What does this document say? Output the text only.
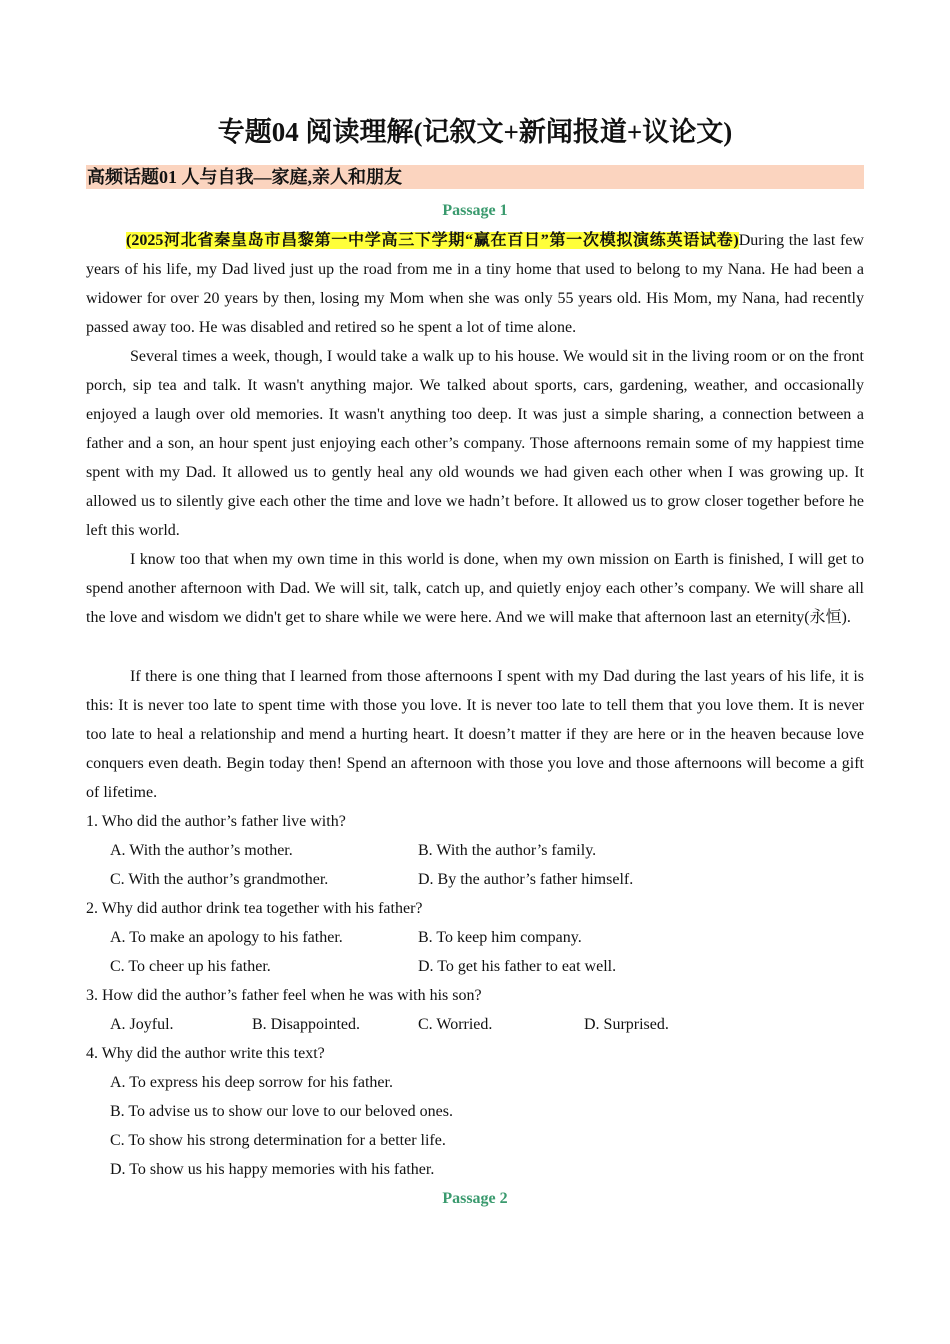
专题04 阅读理解(记叙文+新闻报道+议论文)
高频话题01 人与自我—家庭,亲人和朋友
Passage 1
(2025河北省秦皇岛市昌黎第一中学高三下学期“赢在百日”第一次模拟演练英语试卷)During the last few years of his life, my Dad lived just up the road from me in a tiny home that used to belong to my Nana. He had been a widower for over 20 years by then, losing my Mom when she was only 55 years old. His Mom, my Nana, had recently passed away too. He was disabled and retired so he spent a lot of time alone.
Several times a week, though, I would take a walk up to his house. We would sit in the living room or on the front porch, sip tea and talk. It wasn't anything major. We talked about sports, cars, gardening, weather, and occasionally enjoyed a laugh over old memories. It wasn't anything too deep. It was just a simple sharing, a connection between a father and a son, an hour spent just enjoying each other’s company. Those afternoons remain some of my happiest time spent with my Dad. It allowed us to gently heal any old wounds we had given each other when I was growing up. It allowed us to silently give each other the time and love we hadn’t before. It allowed us to grow closer together before he left this world.
I know too that when my own time in this world is done, when my own mission on Earth is finished, I will get to spend another afternoon with Dad. We will sit, talk, catch up, and quietly enjoy each other’s company. We will share all the love and wisdom we didn't get to share while we were here. And we will make that afternoon last an eternity(永恒).
If there is one thing that I learned from those afternoons I spent with my Dad during the last years of his life, it is this: It is never too late to spent time with those you love. It is never too late to tell them that you love them. It is never too late to heal a relationship and mend a hurting heart. It doesn’t matter if they are here or in the heaven because love conquers even death. Begin today then! Spend an afternoon with those you love and those afternoons will become a gift of lifetime.
1. Who did the author’s father live with?
A. With the author’s mother.	B. With the author’s family.
C. With the author’s grandmother.	D. By the author’s father himself.
2. Why did author drink tea together with his father?
A. To make an apology to his father.	B. To keep him company.
C. To cheer up his father.	D. To get his father to eat well.
3. How did the author’s father feel when he was with his son?
A. Joyful.	B. Disappointed.	C. Worried.	D. Surprised.
4. Why did the author write this text?
A. To express his deep sorrow for his father.
B. To advise us to show our love to our beloved ones.
C. To show his strong determination for a better life.
D. To show us his happy memories with his father.
Passage 2
